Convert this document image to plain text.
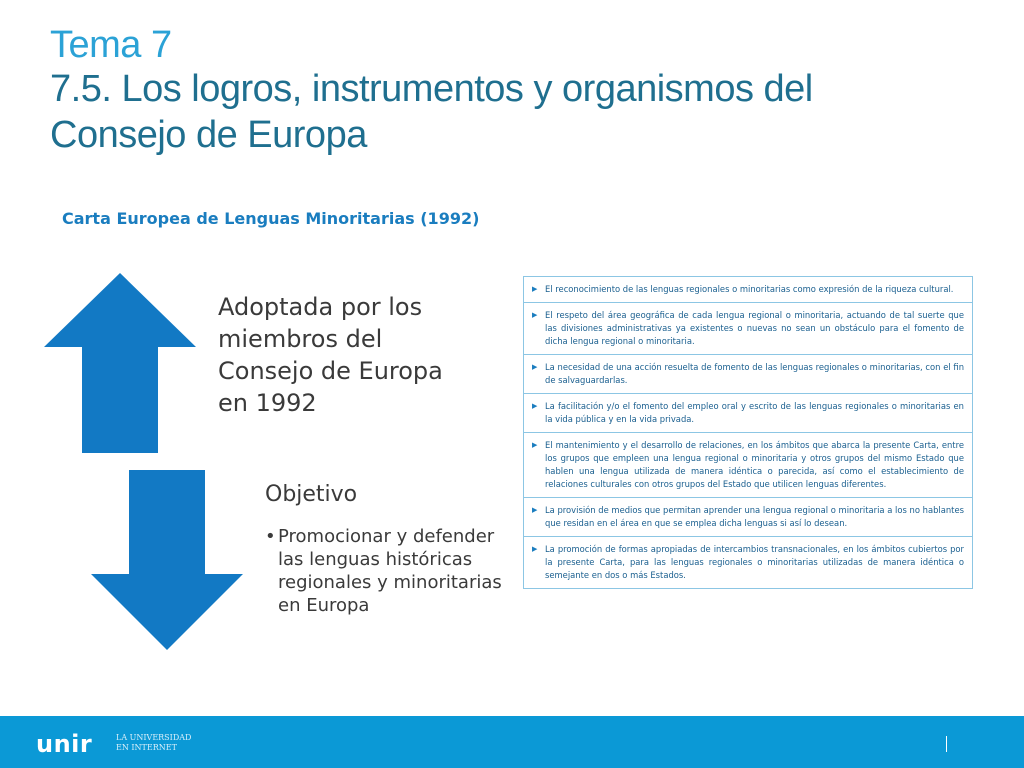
Tema 7
7.5. Los logros, instrumentos y organismos del
Consejo de Europa
Carta Europea de Lenguas Minoritarias (1992)
Adoptada por los
miembros del
Consejo de Europa
en 1992
Objetivo
• Promocionar y defender las lenguas históricas regionales y minoritarias en Europa
▶ El reconocimiento de las lenguas regionales o minoritarias como expresión de la riqueza cultural.
▶ El respeto del área geográfica de cada lengua regional o minoritaria, actuando de tal suerte que las divisiones administrativas ya existentes o nuevas no sean un obstáculo para el fomento de dicha lengua regional o minoritaria.
▶ La necesidad de una acción resuelta de fomento de las lenguas regionales o minoritarias, con el fin de salvaguardarlas.
▶ La facilitación y/o el fomento del empleo oral y escrito de las lenguas regionales o minoritarias en la vida pública y en la vida privada.
▶ El mantenimiento y el desarrollo de relaciones, en los ámbitos que abarca la presente Carta, entre los grupos que empleen una lengua regional o minoritaria y otros grupos del mismo Estado que hablen una lengua utilizada de manera idéntica o parecida, así como el establecimiento de relaciones culturales con otros grupos del Estado que utilicen lenguas diferentes.
▶ La provisión de medios que permitan aprender una lengua regional o minoritaria a los no hablantes que residan en el área en que se emplea dicha lenguas si así lo desean.
▶ La promoción de formas apropiadas de intercambios transnacionales, en los ámbitos cubiertos por la presente Carta, para las lenguas regionales o minoritarias utilizadas de manera idéntica o semejante en dos o más Estados.
unir	LA UNIVERSIDAD
EN INTERNET
